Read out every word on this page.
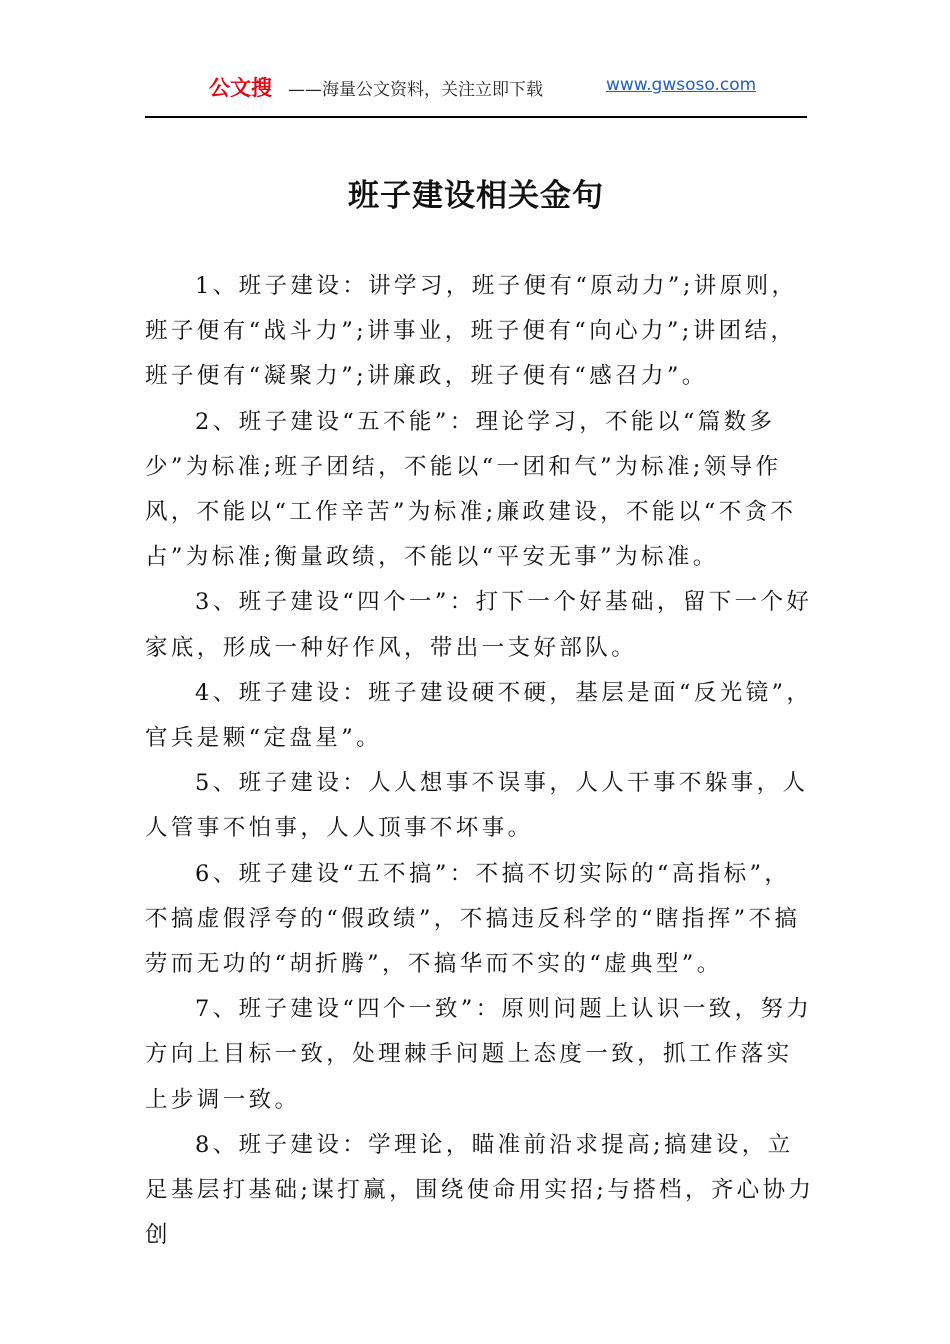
公文搜 ——海量公文资料，关注立即下载	www.gwsoso.com
班子建设相关金句

1、班子建设：讲学习，班子便有“原动力”;讲原则，班子便有“战斗力”;讲事业，班子便有“向心力”;讲团结，班子便有“凝聚力”;讲廉政，班子便有“感召力”。

2、班子建设“五不能”：理论学习，不能以“篇数多少”为标准;班子团结，不能以“一团和气”为标准;领导作风，不能以“工作辛苦”为标准;廉政建设，不能以“不贪不占”为标准;衡量政绩，不能以“平安无事”为标准。

3、班子建设“四个一”：打下一个好基础，留下一个好家底，形成一种好作风，带出一支好部队。

4、班子建设：班子建设硬不硬，基层是面“反光镜”，官兵是颗“定盘星”。

5、班子建设：人人想事不误事，人人干事不躲事，人人管事不怕事，人人顶事不坏事。

6、班子建设“五不搞”：不搞不切实际的“高指标”，不搞虚假浮夸的“假政绩”，不搞违反科学的“瞎指挥”不搞劳而无功的“胡折腾”，不搞华而不实的“虚典型”。

7、班子建设“四个一致”：原则问题上认识一致，努力方向上目标一致，处理棘手问题上态度一致，抓工作落实上步调一致。

8、班子建设：学理论，瞄准前沿求提高;搞建设，立足基层打基础;谋打赢，围绕使命用实招;与搭档，齐心协力创
